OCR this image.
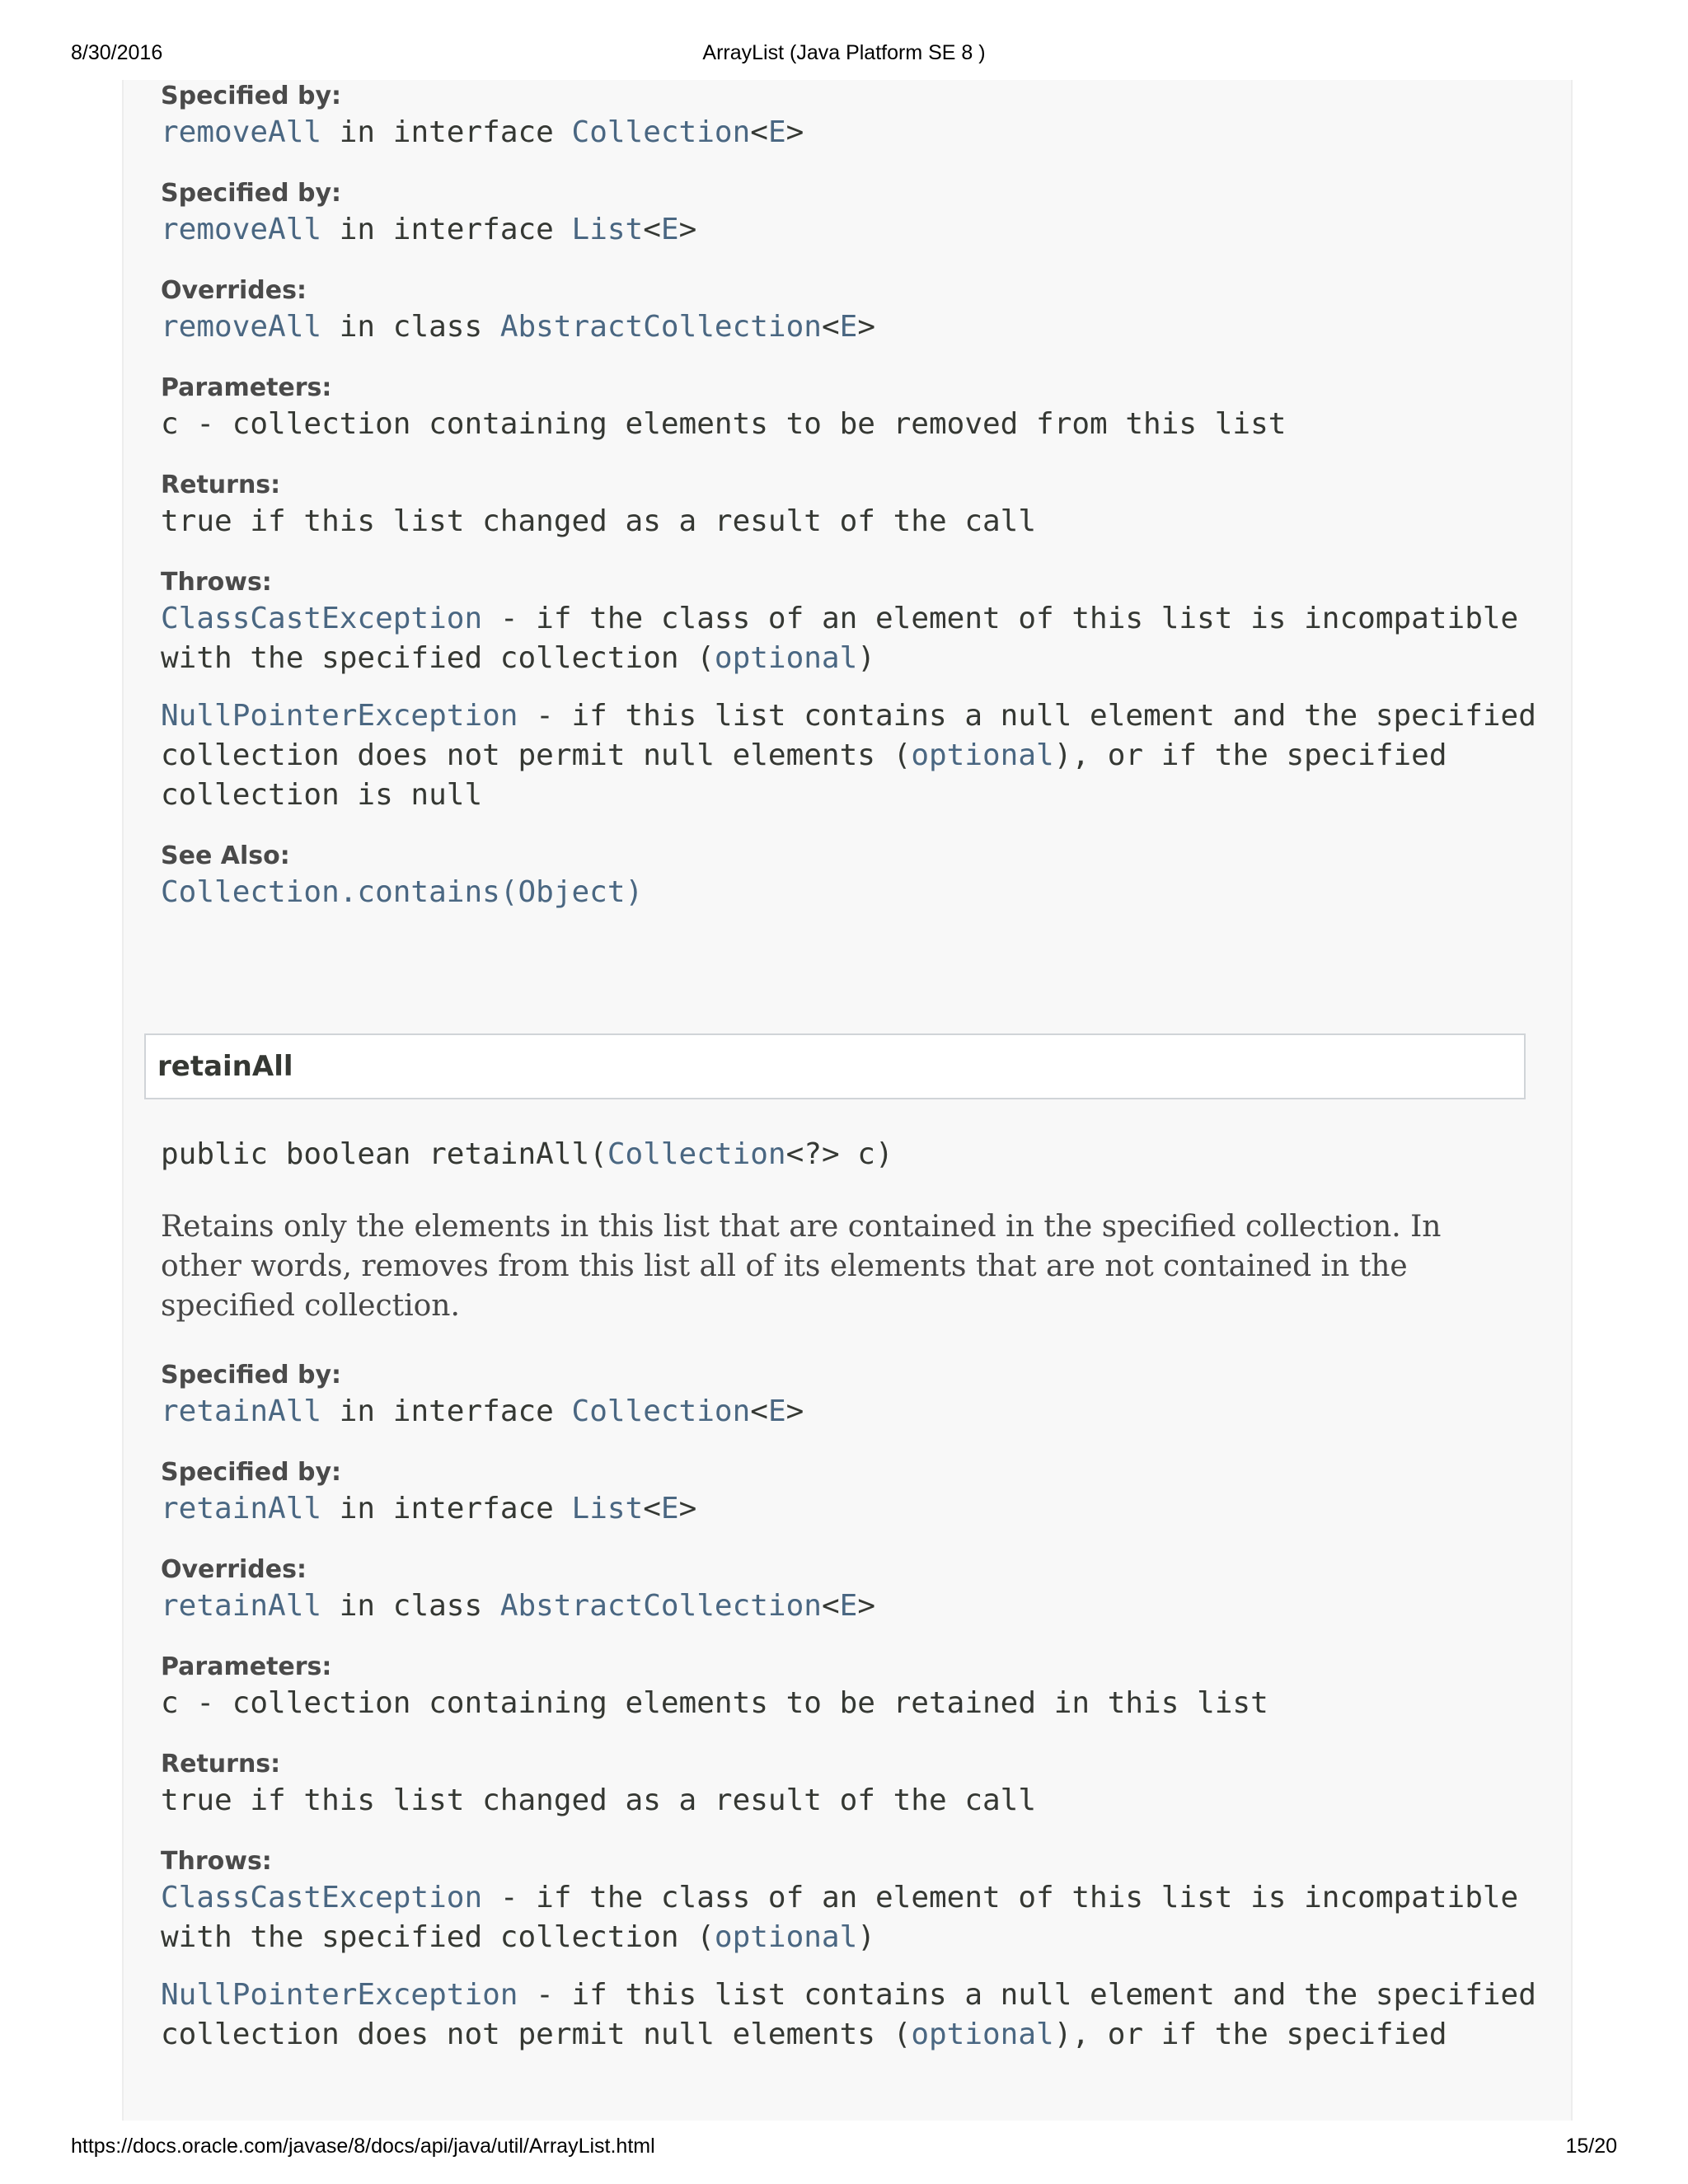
8/30/2016	ArrayList (Java Platform SE 8 )

Specified by:

removeAll in interface Collection<E>

Specified by:

removeAll in interface List<E>

Overrides:

removeAll in class AbstractCollection<E>

Parameters:

c - collection containing elements to be removed from this list

Returns:

true if this list changed as a result of the call

Throws:

ClassCastException - if the class of an element of this list is incompatible
with the specified collection (optional)

NullPointerException - if this list contains a null element and the specified
collection does not permit null elements (optional), or if the specified
collection is null

See Also:

Collection.contains(Object)

retainAll

public boolean retainAll(Collection<?> c)

Retains only the elements in this list that are contained in the specified collection. In other words, removes from this list all of its elements that are not contained in the specified collection.

Specified by:

retainAll in interface Collection<E>

Specified by:

retainAll in interface List<E>

Overrides:

retainAll in class AbstractCollection<E>

Parameters:

c - collection containing elements to be retained in this list

Returns:

true if this list changed as a result of the call

Throws:

ClassCastException - if the class of an element of this list is incompatible
with the specified collection (optional)

NullPointerException - if this list contains a null element and the specified
collection does not permit null elements (optional), or if the specified

https://docs.oracle.com/javase/8/docs/api/java/util/ArrayList.html	15/20
